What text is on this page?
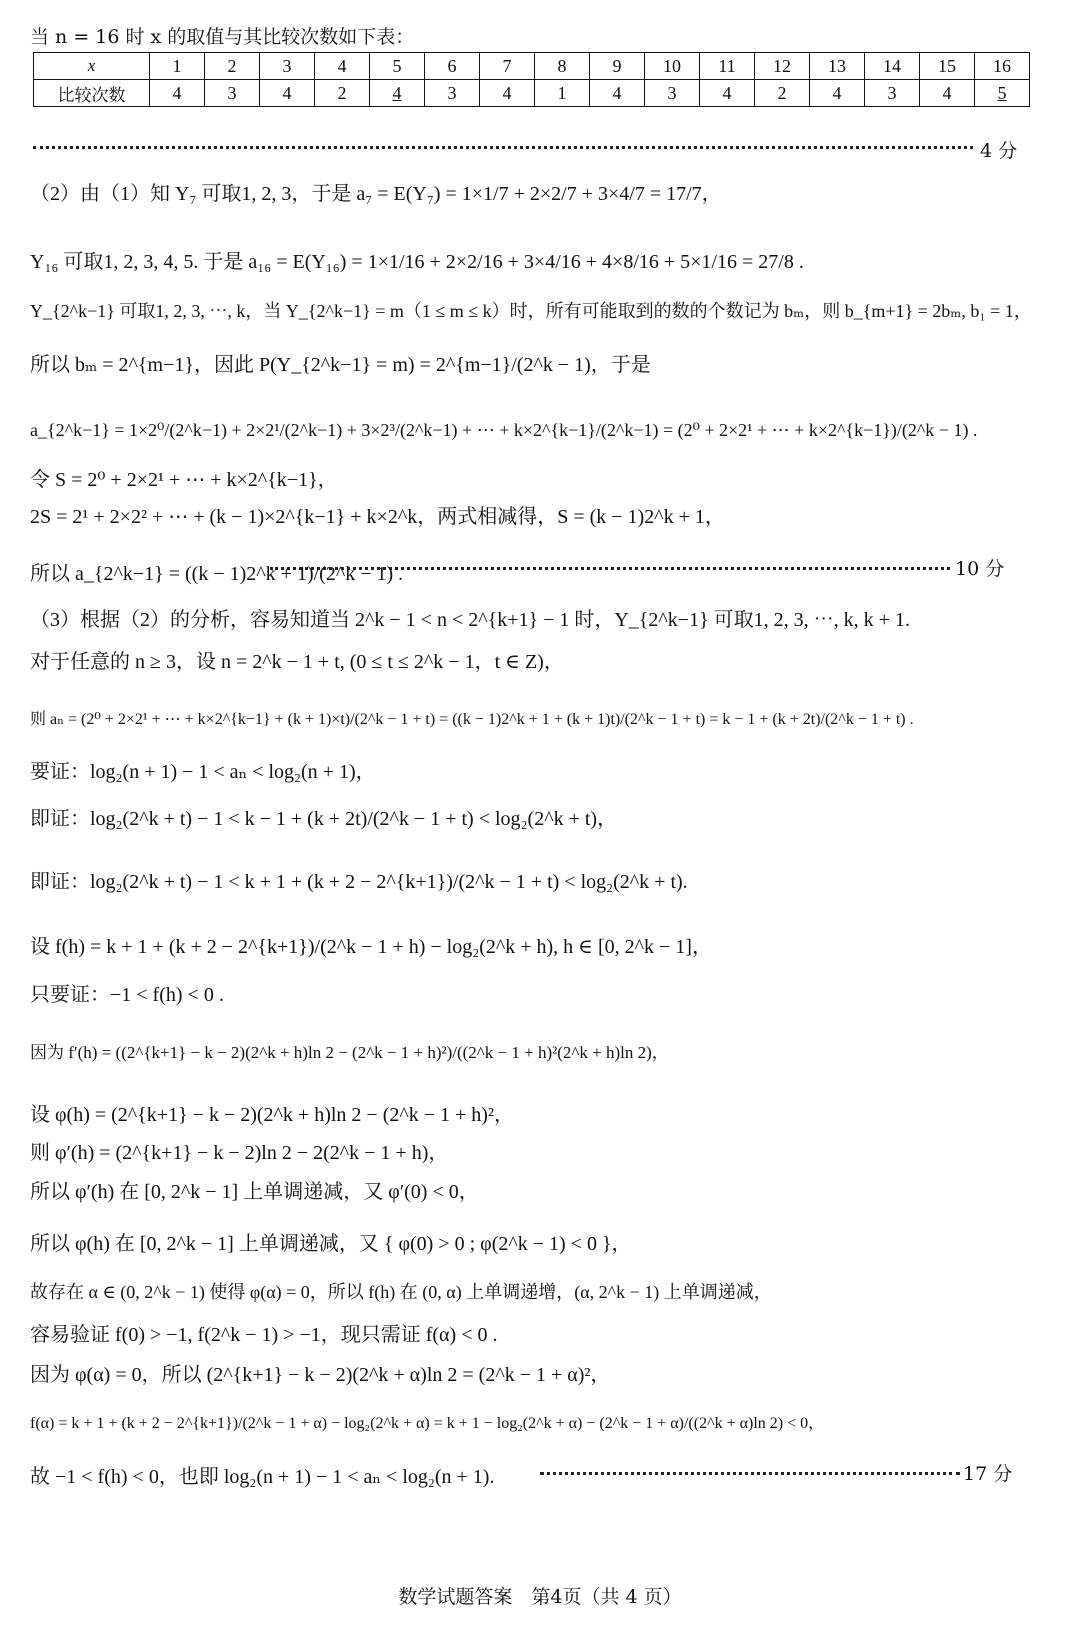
当 n = 16 时 x 的取值与其比较次数如下表：
x	1	2	3	4	5	6	7	8	9	10	11	12	13	14	15	16
比较次数	4	3	4	2	4	3	4	1	4	3	4	2	4	3	4	5
4 分
（2）由（1）知 Y₇ 可取1, 2, 3，于是 a₇ = E(Y₇) = 1×1/7 + 2×2/7 + 3×4/7 = 17/7，
Y₁₆ 可取1, 2, 3, 4, 5. 于是 a₁₆ = E(Y₁₆) = 1×1/16 + 2×2/16 + 3×4/16 + 4×8/16 + 5×1/16 = 27/8 .
Y_{2^k−1} 可取1, 2, 3, ⋯, k，当 Y_{2^k−1} = m（1 ≤ m ≤ k）时，所有可能取到的数的个数记为 bₘ，则 b_{m+1} = 2bₘ, b₁ = 1，
所以 bₘ = 2^{m−1}，因此 P(Y_{2^k−1} = m) = 2^{m−1}/(2^k − 1)，于是
a_{2^k−1} = 1×2⁰/(2^k−1) + 2×2¹/(2^k−1) + 3×2³/(2^k−1) + ⋯ + k×2^{k−1}/(2^k−1) = (2⁰ + 2×2¹ + ⋯ + k×2^{k−1})/(2^k − 1) .
令 S = 2⁰ + 2×2¹ + ⋯ + k×2^{k−1}，
2S = 2¹ + 2×2² + ⋯ + (k − 1)×2^{k−1} + k×2^k，两式相减得，S = (k − 1)2^k + 1，
所以 a_{2^k−1} = ((k − 1)2^k + 1)/(2^k − 1) .	10 分
（3）根据（2）的分析，容易知道当 2^k − 1 < n < 2^{k+1} − 1 时，Y_{2^k−1} 可取1, 2, 3, ⋯, k, k + 1.
对于任意的 n ≥ 3，设 n = 2^k − 1 + t, (0 ≤ t ≤ 2^k − 1，t ∈ Z)，
则 aₙ = (2⁰ + 2×2¹ + ⋯ + k×2^{k−1} + (k + 1)×t)/(2^k − 1 + t) = ((k − 1)2^k + 1 + (k + 1)t)/(2^k − 1 + t) = k − 1 + (k + 2t)/(2^k − 1 + t) .
要证：log₂(n + 1) − 1 < aₙ < log₂(n + 1)，
即证：log₂(2^k + t) − 1 < k − 1 + (k + 2t)/(2^k − 1 + t) < log₂(2^k + t)，
即证：log₂(2^k + t) − 1 < k + 1 + (k + 2 − 2^{k+1})/(2^k − 1 + t) < log₂(2^k + t).
设 f(h) = k + 1 + (k + 2 − 2^{k+1})/(2^k − 1 + h) − log₂(2^k + h), h ∈ [0, 2^k − 1]，
只要证：−1 < f(h) < 0 .
因为 f′(h) = ((2^{k+1} − k − 2)(2^k + h)ln 2 − (2^k − 1 + h)²)/((2^k − 1 + h)²(2^k + h)ln 2)，
设 φ(h) = (2^{k+1} − k − 2)(2^k + h)ln 2 − (2^k − 1 + h)²，
则 φ′(h) = (2^{k+1} − k − 2)ln 2 − 2(2^k − 1 + h)，
所以 φ′(h) 在 [0, 2^k − 1] 上单调递减，又 φ′(0) < 0，
所以 φ(h) 在 [0, 2^k − 1] 上单调递减，又 { φ(0) > 0 ; φ(2^k − 1) < 0 }，
故存在 α ∈ (0, 2^k − 1) 使得 φ(α) = 0，所以 f(h) 在 (0, α) 上单调递增，(α, 2^k − 1) 上单调递减，
容易验证 f(0) > −1, f(2^k − 1) > −1，现只需证 f(α) < 0 .
因为 φ(α) = 0，所以 (2^{k+1} − k − 2)(2^k + α)ln 2 = (2^k − 1 + α)²，
f(α) = k + 1 + (k + 2 − 2^{k+1})/(2^k − 1 + α) − log₂(2^k + α) = k + 1 − log₂(2^k + α) − (2^k − 1 + α)/((2^k + α)ln 2) < 0，
故 −1 < f(h) < 0，也即 log₂(n + 1) − 1 < aₙ < log₂(n + 1).	17 分
数学试题答案　第4页（共 4 页）
